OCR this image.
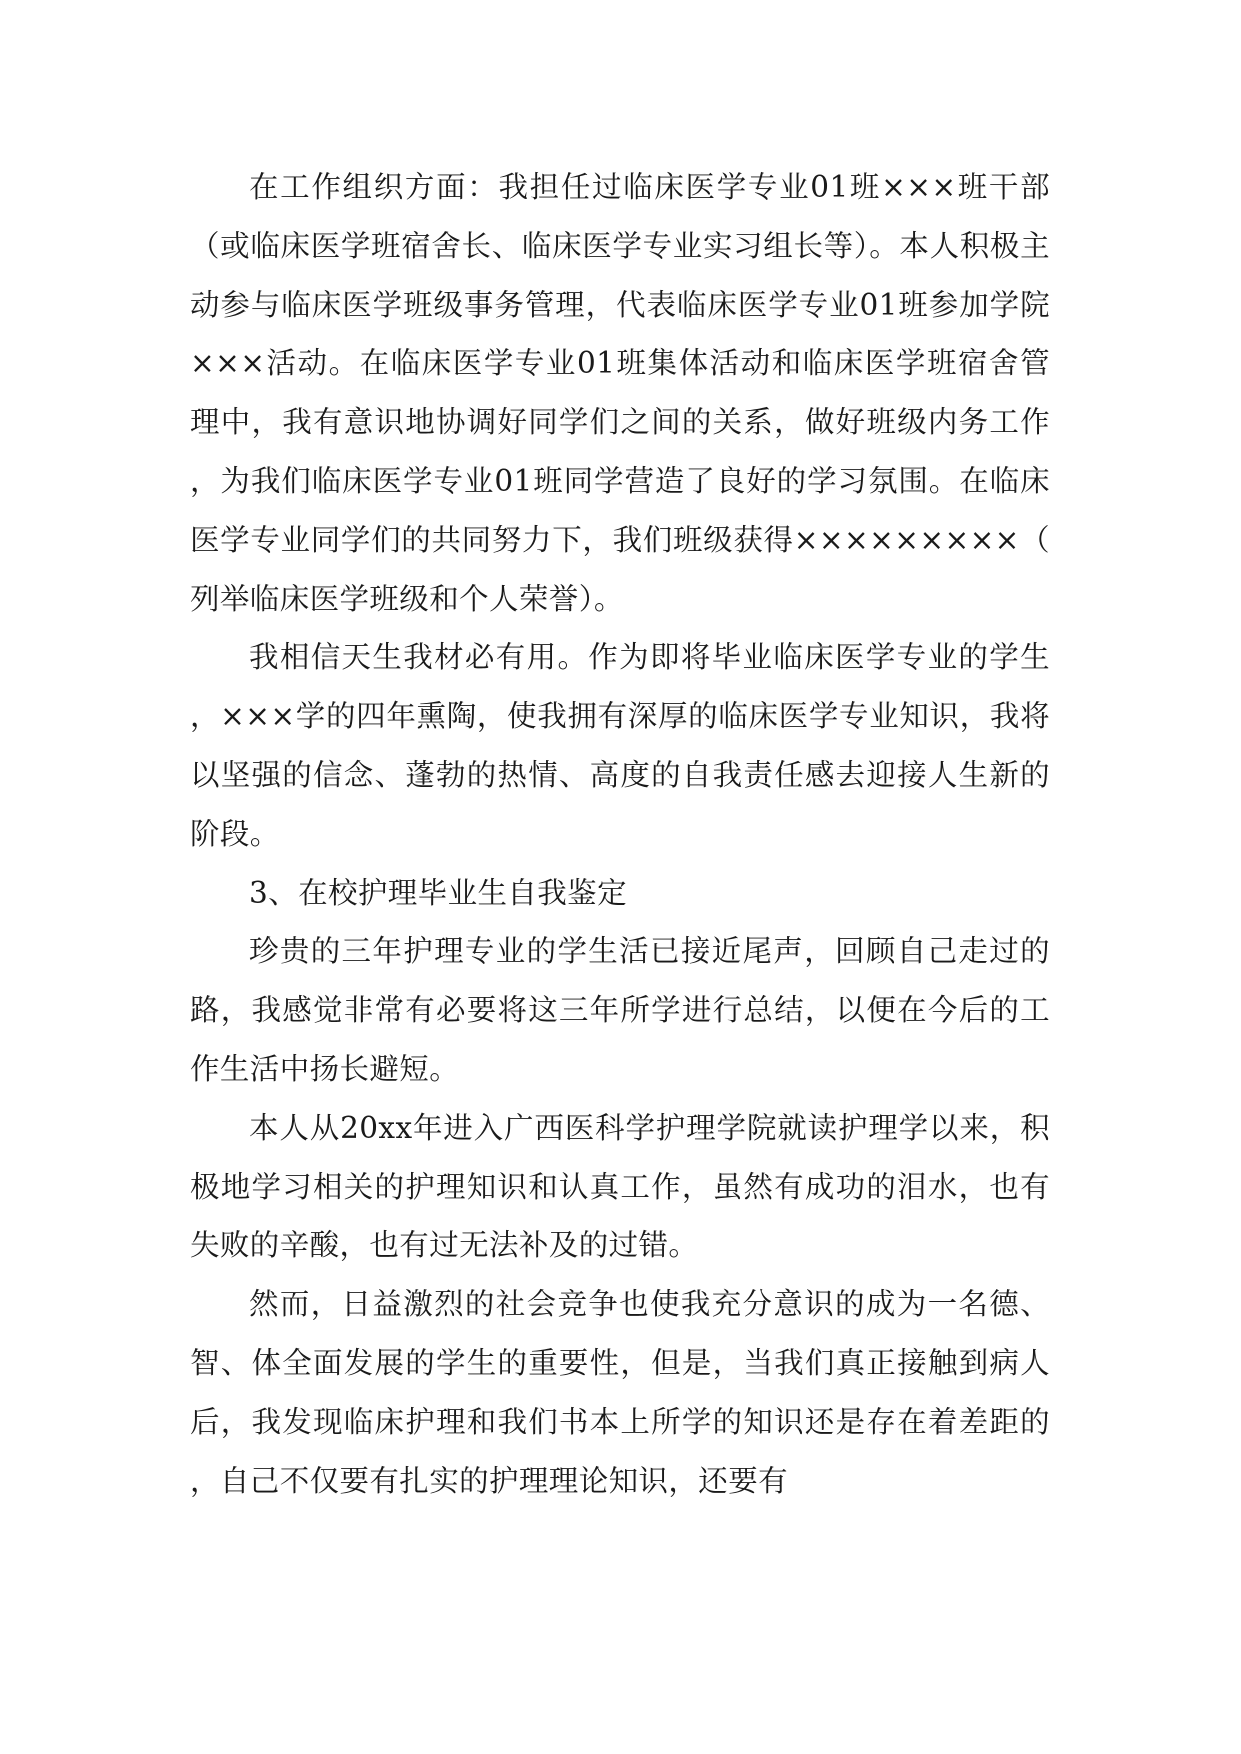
在工作组织方面：我担任过临床医学专业01班×××班干部（或临床医学班宿舍长、临床医学专业实习组长等）。本人积极主动参与临床医学班级事务管理，代表临床医学专业01班参加学院×××活动。在临床医学专业01班集体活动和临床医学班宿舍管理中，我有意识地协调好同学们之间的关系，做好班级内务工作，为我们临床医学专业01班同学营造了良好的学习氛围。在临床医学专业同学们的共同努力下，我们班级获得×××××××××（列举临床医学班级和个人荣誉）。

我相信天生我材必有用。作为即将毕业临床医学专业的学生，×××学的四年熏陶，使我拥有深厚的临床医学专业知识，我将以坚强的信念、蓬勃的热情、高度的自我责任感去迎接人生新的阶段。

3、在校护理毕业生自我鉴定

珍贵的三年护理专业的学生活已接近尾声，回顾自己走过的路，我感觉非常有必要将这三年所学进行总结，以便在今后的工作生活中扬长避短。

本人从20xx年进入广西医科学护理学院就读护理学以来，积极地学习相关的护理知识和认真工作，虽然有成功的泪水，也有失败的辛酸，也有过无法补及的过错。

然而，日益激烈的社会竞争也使我充分意识的成为一名德、智、体全面发展的学生的重要性，但是，当我们真正接触到病人后，我发现临床护理和我们书本上所学的知识还是存在着差距的，自己不仅要有扎实的护理理论知识，还要有
